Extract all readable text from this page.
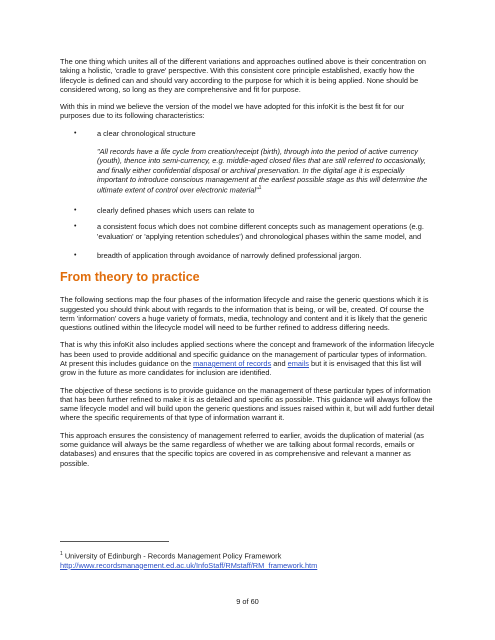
The one thing which unites all of the different variations and approaches outlined above is their concentration on taking a holistic, 'cradle to grave' perspective. With this consistent core principle established, exactly how the lifecycle is defined can and should vary according to the purpose for which it is being applied. None should be considered wrong, so long as they are comprehensive and fit for purpose.

With this in mind we believe the version of the model we have adopted for this infoKit is the best fit for our purposes due to its following characteristics:

•	a clear chronological structure

"All records have a life cycle from creation/receipt (birth), through into the period of active currency (youth), thence into semi-currency, e.g. middle-aged closed files that are still referred to occasionally, and finally either confidential disposal or archival preservation. In the digital age it is especially important to introduce conscious management at the earliest possible stage as this will determine the ultimate extent of control over electronic material"$^1$

•	clearly defined phases which users can relate to
•	a consistent focus which does not combine different concepts such as management operations (e.g. 'evaluation' or 'applying retention schedules') and chronological phases within the same model, and
•	breadth of application through avoidance of narrowly defined professional jargon.
From theory to practice

The following sections map the four phases of the information lifecycle and raise the generic questions which it is suggested you should think about with regards to the information that is being, or will be, created. Of course the term 'information' covers a huge variety of formats, media, technology and content and it is likely that the generic questions outlined within the lifecycle model will need to be further refined to address differing needs.

That is why this infoKit also includes applied sections where the concept and framework of the information lifecycle has been used to provide additional and specific guidance on the management of particular types of information. At present this includes guidance on the management of records and emails but it is envisaged that this list will grow in the future as more candidates for inclusion are identified.

The objective of these sections is to provide guidance on the management of these particular types of information that has been further refined to make it is as detailed and specific as possible. This guidance will always follow the same lifecycle model and will build upon the generic questions and issues raised within it, but will add further detail where the specific requirements of that type of information warrant it.

This approach ensures the consistency of management referred to earlier, avoids the duplication of material (as some guidance will always be the same regardless of whether we are talking about formal records, emails or databases) and ensures that the specific topics are covered in as comprehensive and relevant a manner as possible.

$^1$ University of Edinburgh - Records Management Policy Framework
http://www.recordsmanagement.ed.ac.uk/InfoStaff/RMstaff/RM_framework.htm
9 of 60
